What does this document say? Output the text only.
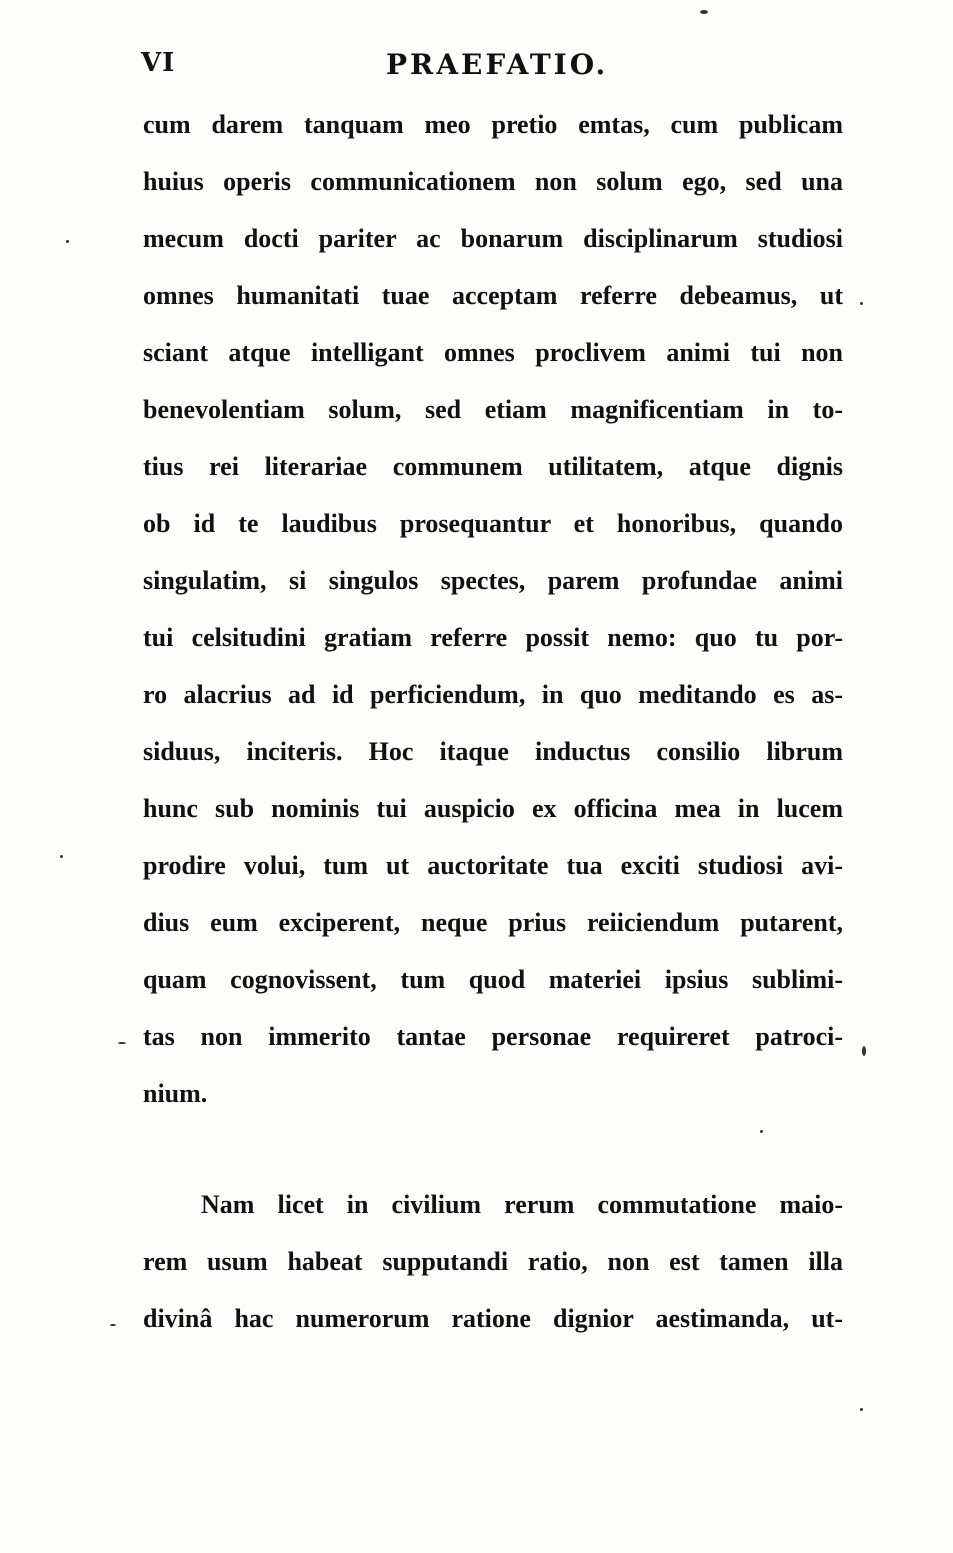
VI	PRAEFATIO.
cum darem tanquam meo pretio emtas, cum publicam
huius operis communicationem non solum ego, sed una
mecum docti pariter ac bonarum disciplinarum studiosi
omnes humanitati tuae acceptam referre debeamus, ut
sciant atque intelligant omnes proclivem animi tui non
benevolentiam solum, sed etiam magnificentiam in to-
tius rei literariae communem utilitatem, atque dignis
ob id te laudibus prosequantur et honoribus, quando
singulatim, si singulos spectes, parem profundae animi
tui celsitudini gratiam referre possit nemo: quo tu por-
ro alacrius ad id perficiendum, in quo meditando es as-
siduus, inciteris. Hoc itaque inductus consilio librum
hunc sub nominis tui auspicio ex officina mea in lucem
prodire volui, tum ut auctoritate tua exciti studiosi avi-
dius eum exciperent, neque prius reiiciendum putarent,
quam cognovissent, tum quod materiei ipsius sublimi-
tas non immerito tantae personae requireret patroci-
nium.
Nam licet in civilium rerum commutatione maio-
rem usum habeat supputandi ratio, non est tamen illa
divinâ hac numerorum ratione dignior aestimanda, ut-
